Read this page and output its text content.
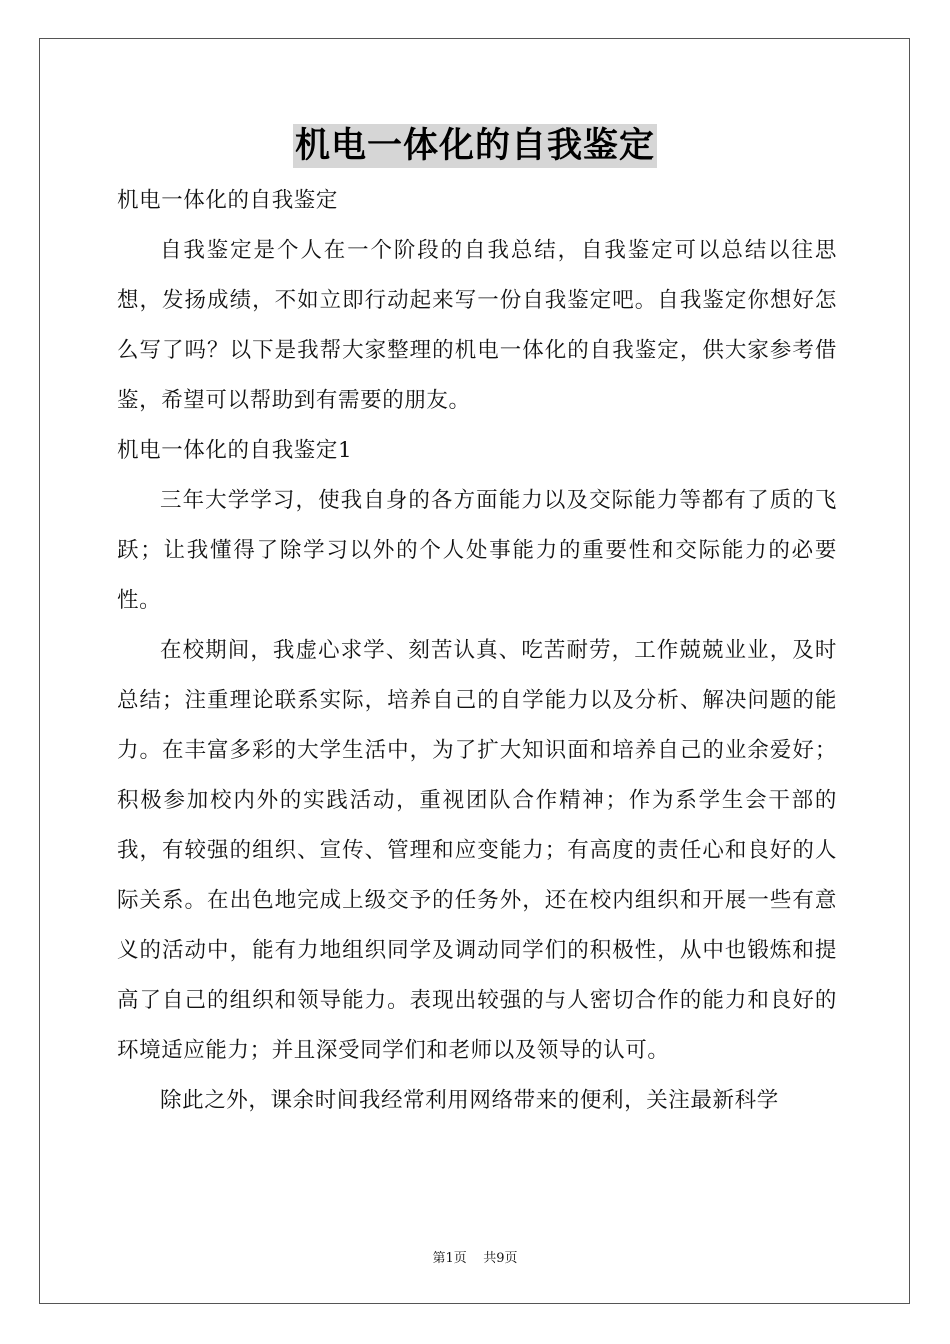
机电一体化的自我鉴定

机电一体化的自我鉴定

自我鉴定是个人在一个阶段的自我总结，自我鉴定可以总结以往思想，发扬成绩，不如立即行动起来写一份自我鉴定吧。自我鉴定你想好怎么写了吗？以下是我帮大家整理的机电一体化的自我鉴定，供大家参考借鉴，希望可以帮助到有需要的朋友。

机电一体化的自我鉴定1

三年大学学习，使我自身的各方面能力以及交际能力等都有了质的飞跃；让我懂得了除学习以外的个人处事能力的重要性和交际能力的必要性。

在校期间，我虚心求学、刻苦认真、吃苦耐劳，工作兢兢业业，及时总结；注重理论联系实际，培养自己的自学能力以及分析、解决问题的能力。在丰富多彩的大学生活中，为了扩大知识面和培养自己的业余爱好；积极参加校内外的实践活动，重视团队合作精神；作为系学生会干部的我，有较强的组织、宣传、管理和应变能力；有高度的责任心和良好的人际关系。在出色地完成上级交予的任务外，还在校内组织和开展一些有意义的活动中，能有力地组织同学及调动同学们的积极性，从中也锻炼和提高了自己的组织和领导能力。表现出较强的与人密切合作的能力和良好的环境适应能力；并且深受同学们和老师以及领导的认可。

除此之外，课余时间我经常利用网络带来的便利，关注最新科学

第1页 共9页
